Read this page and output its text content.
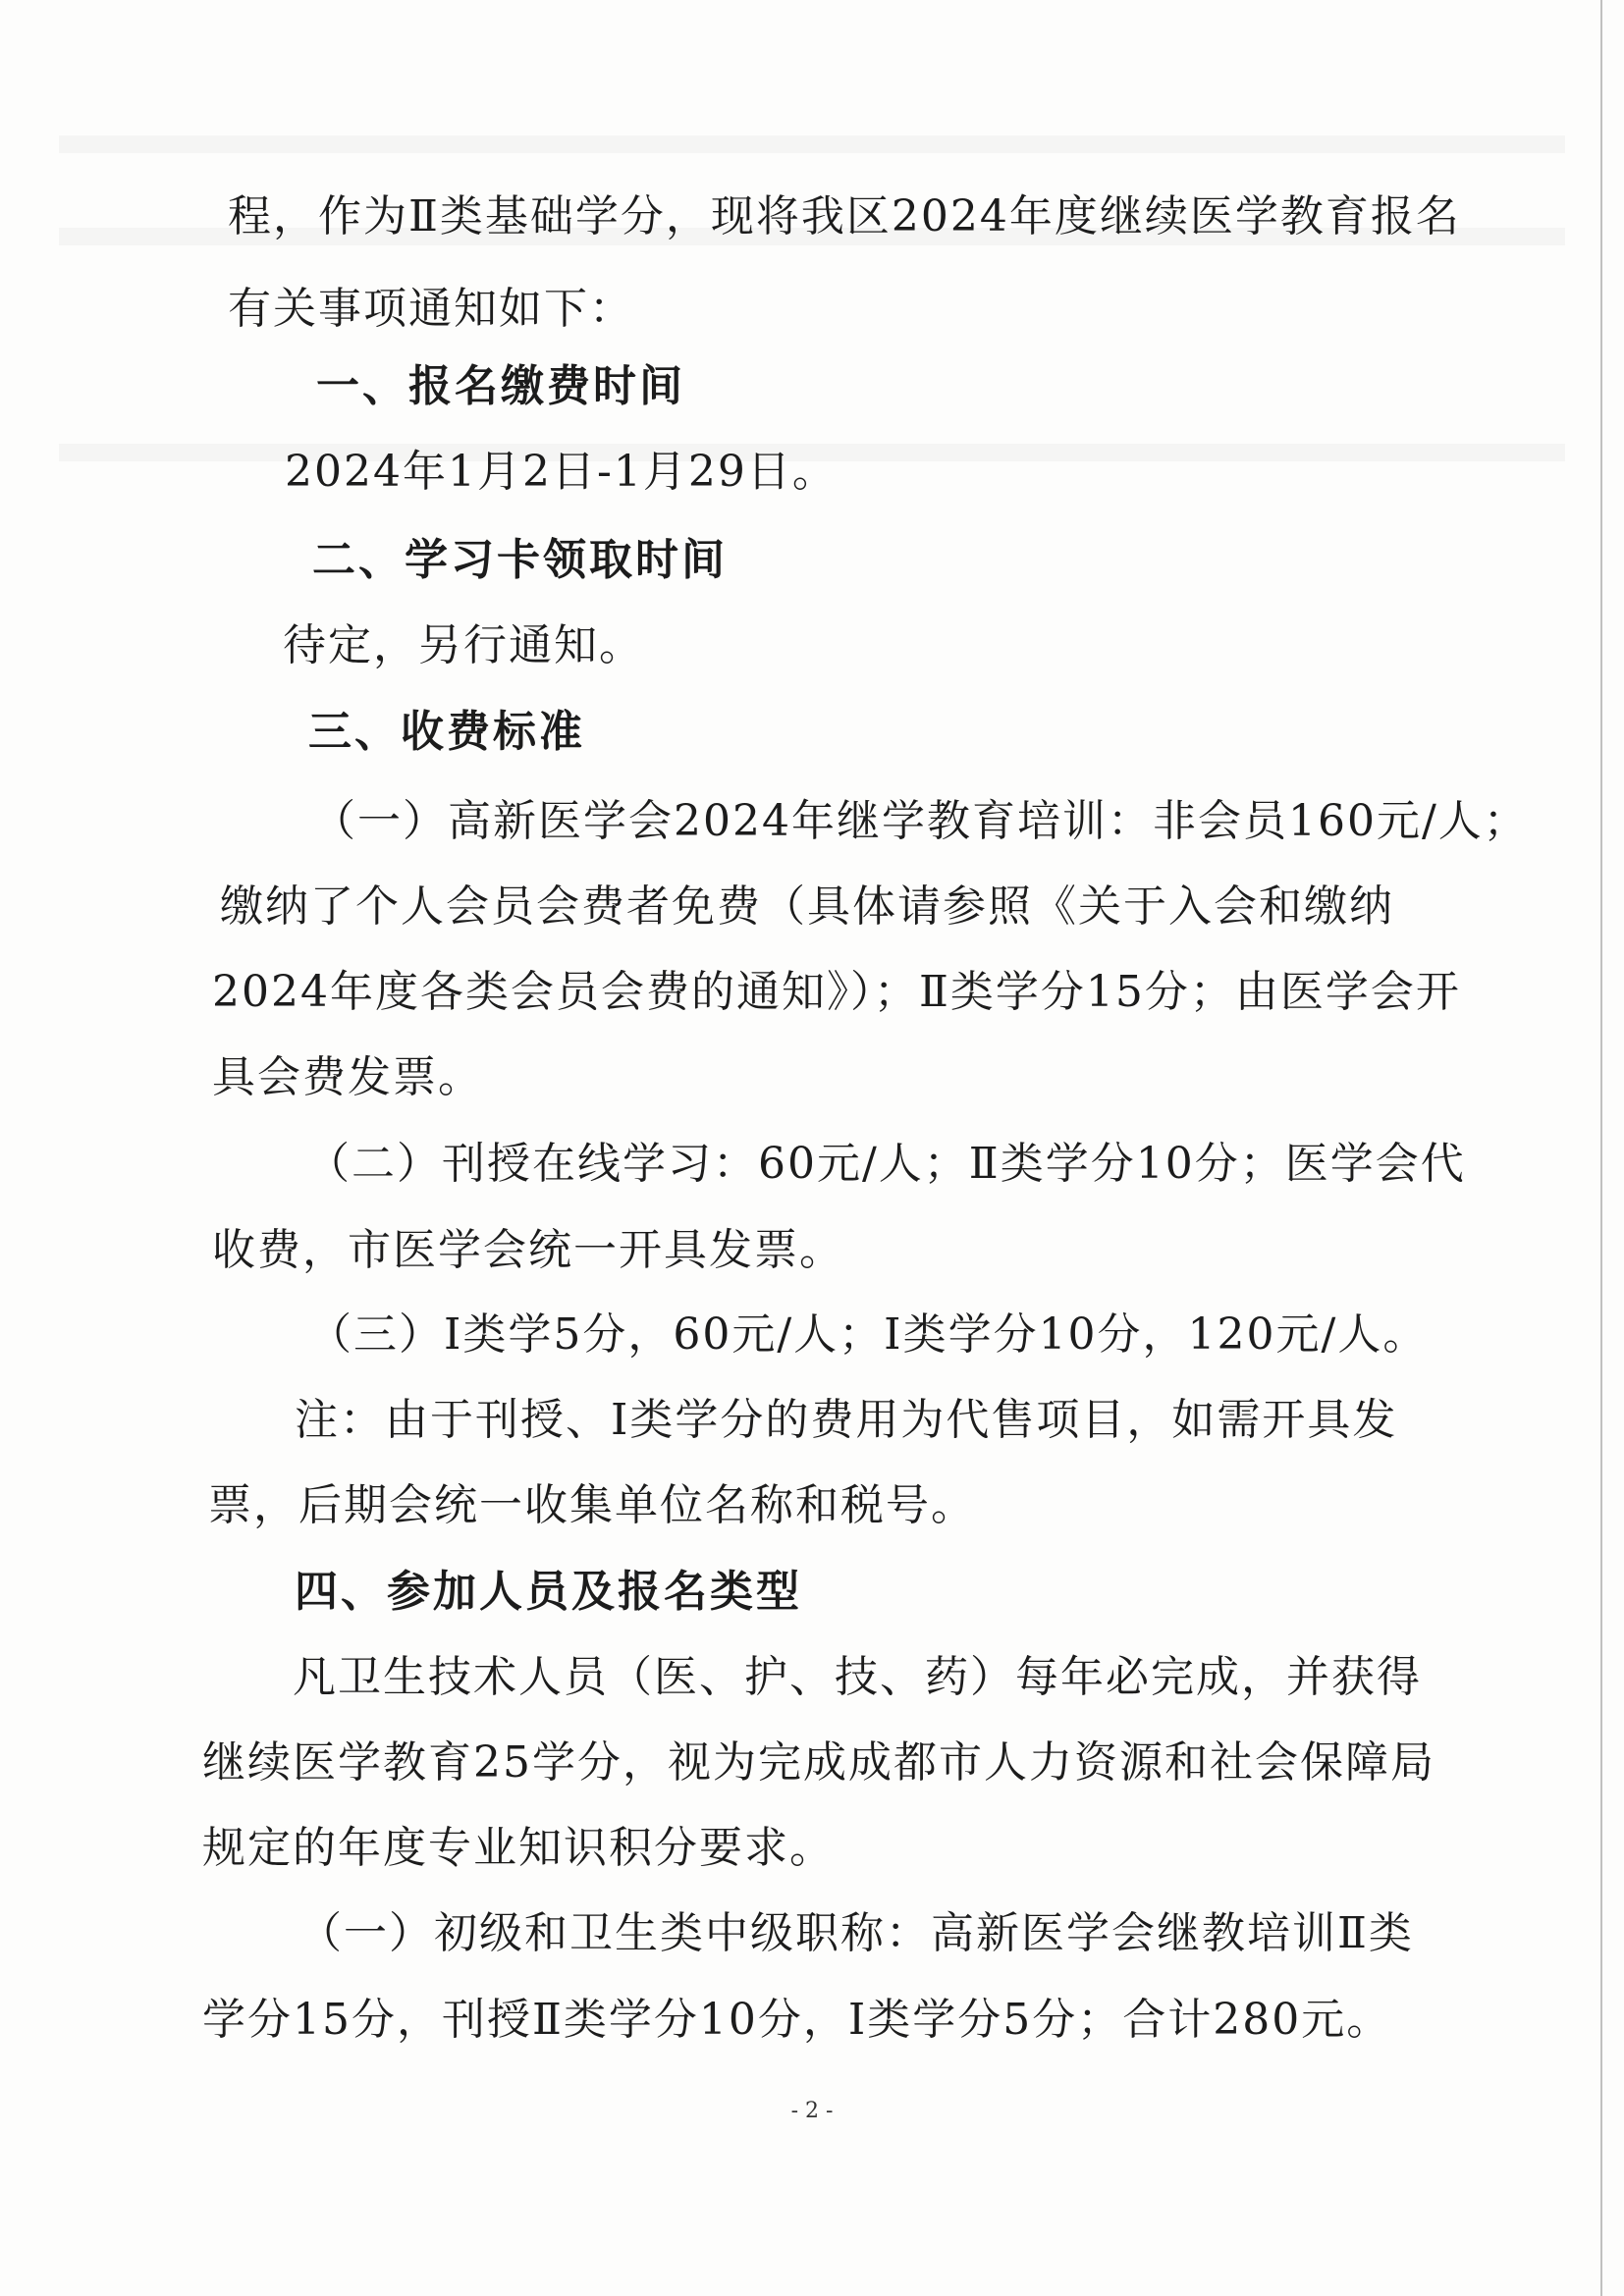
程，作为Ⅱ类基础学分，现将我区2024年度继续医学教育报名
有关事项通知如下：
一、报名缴费时间
2024年1月2日-1月29日。
二、学习卡领取时间
待定，另行通知。
三、收费标准
（一）高新医学会2024年继学教育培训：非会员160元/人；
缴纳了个人会员会费者免费（具体请参照《关于入会和缴纳
2024年度各类会员会费的通知》）；Ⅱ类学分15分；由医学会开
具会费发票。
（二）刊授在线学习：60元/人；Ⅱ类学分10分；医学会代
收费，市医学会统一开具发票。
（三）Ⅰ类学5分，60元/人；Ⅰ类学分10分，120元/人。
注：由于刊授、Ⅰ类学分的费用为代售项目，如需开具发
票，后期会统一收集单位名称和税号。
四、参加人员及报名类型
凡卫生技术人员（医、护、技、药）每年必完成，并获得
继续医学教育25学分，视为完成成都市人力资源和社会保障局
规定的年度专业知识积分要求。
（一）初级和卫生类中级职称：高新医学会继教培训Ⅱ类
学分15分，刊授Ⅱ类学分10分，Ⅰ类学分5分；合计280元。
- 2 -
